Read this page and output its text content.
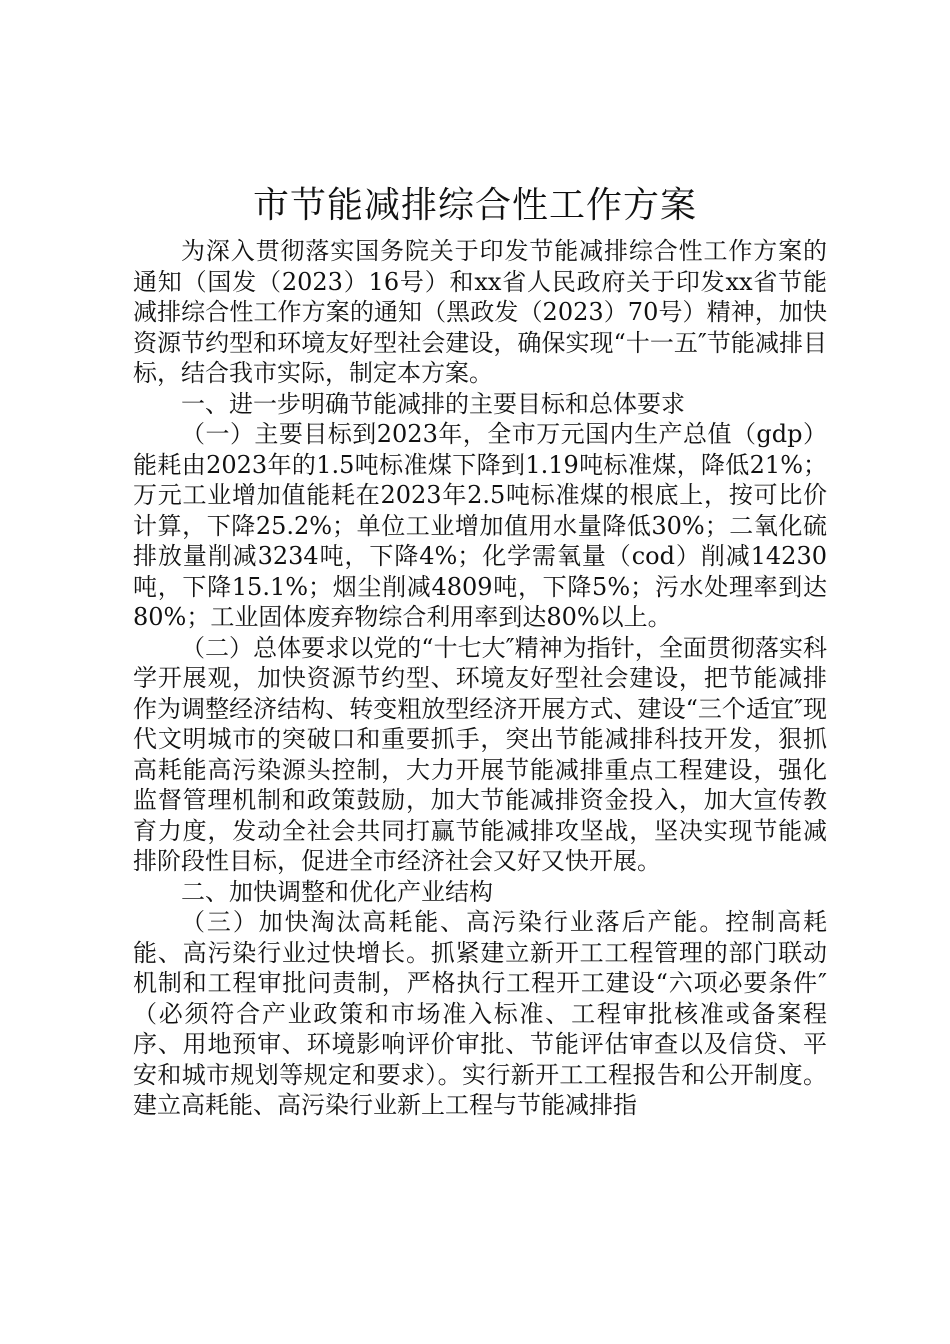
市节能减排综合性工作方案

为深入贯彻落实国务院关于印发节能减排综合性工作方案的通知（国发（2023）16号）和xx省人民政府关于印发xx省节能减排综合性工作方案的通知（黑政发（2023）70号）精神，加快资源节约型和环境友好型社会建设，确保实现“十一五″节能减排目标，结合我市实际，制定本方案。

一、进一步明确节能减排的主要目标和总体要求

（一）主要目标到2023年，全市万元国内生产总值（gdp）能耗由2023年的1.5吨标准煤下降到1.19吨标准煤，降低21%；万元工业增加值能耗在2023年2.5吨标准煤的根底上，按可比价计算，下降25.2%；单位工业增加值用水量降低30%；二氧化硫排放量削减3234吨，下降4%；化学需氧量（cod）削减14230吨，下降15.1%；烟尘削减4809吨，下降5%；污水处理率到达80%；工业固体废弃物综合利用率到达80%以上。

（二）总体要求以党的“十七大″精神为指针，全面贯彻落实科学开展观，加快资源节约型、环境友好型社会建设，把节能减排作为调整经济结构、转变粗放型经济开展方式、建设“三个适宜″现代文明城市的突破口和重要抓手，突出节能减排科技开发，狠抓高耗能高污染源头控制，大力开展节能减排重点工程建设，强化监督管理机制和政策鼓励，加大节能减排资金投入，加大宣传教育力度，发动全社会共同打赢节能减排攻坚战，坚决实现节能减排阶段性目标，促进全市经济社会又好又快开展。

二、加快调整和优化产业结构

（三）加快淘汰高耗能、高污染行业落后产能。控制高耗能、高污染行业过快增长。抓紧建立新开工工程管理的部门联动机制和工程审批问责制，严格执行工程开工建设“六项必要条件″（必须符合产业政策和市场准入标准、工程审批核准或备案程序、用地预审、环境影响评价审批、节能评估审查以及信贷、平安和城市规划等规定和要求）。实行新开工工程报告和公开制度。建立高耗能、高污染行业新上工程与节能减排指
